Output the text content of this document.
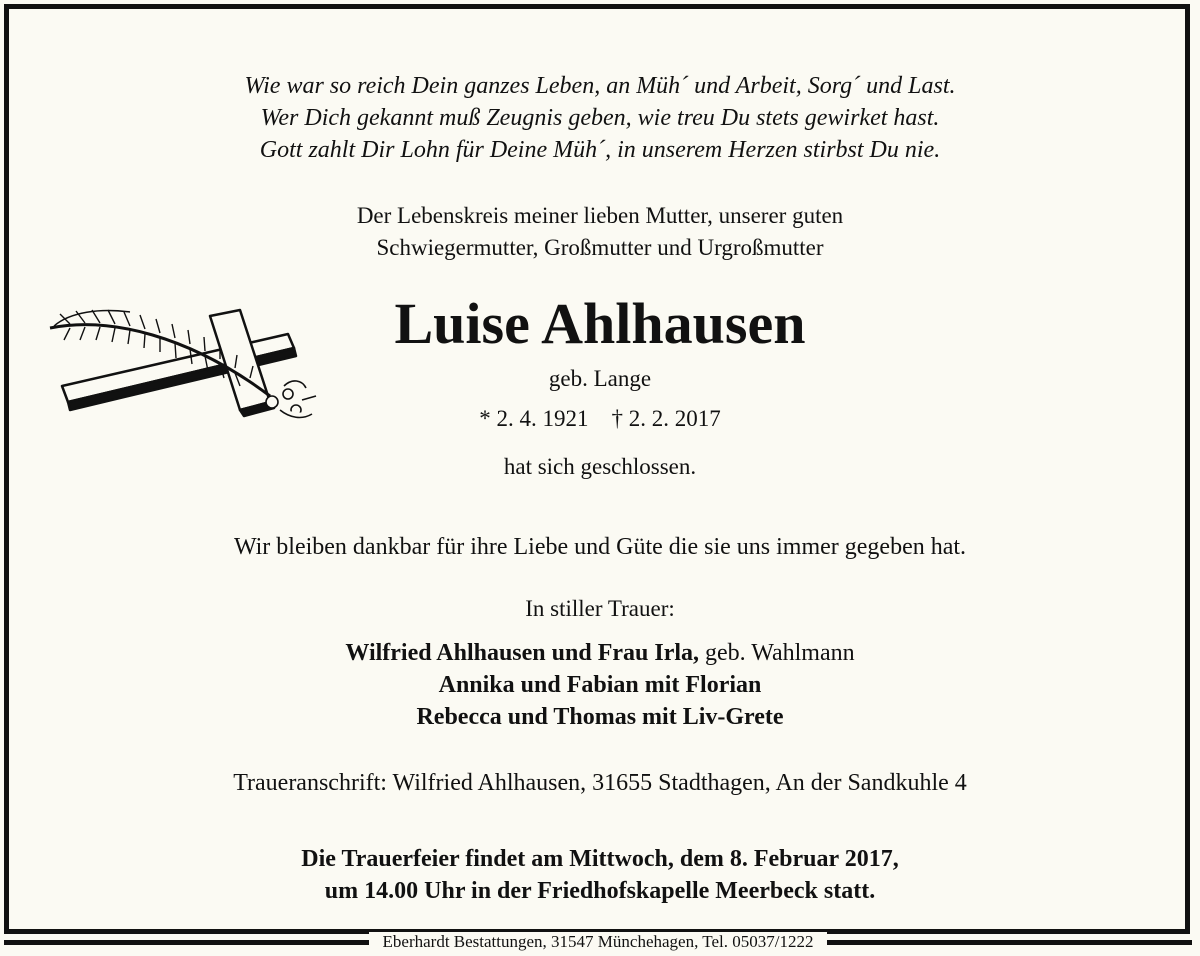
Wie war so reich Dein ganzes Leben, an Müh´ und Arbeit, Sorg´ und Last.
Wer Dich gekannt muß Zeugnis geben, wie treu Du stets gewirket hast.
Gott zahlt Dir Lohn für Deine Müh´, in unserem Herzen stirbst Du nie.
Der Lebenskreis meiner lieben Mutter, unserer guten
Schwiegermutter, Großmutter und Urgroßmutter
Luise Ahlhausen
geb. Lange
* 2. 4. 1921    † 2. 2. 2017
hat sich geschlossen.
Wir bleiben dankbar für ihre Liebe und Güte die sie uns immer gegeben hat.
In stiller Trauer:
Wilfried Ahlhausen und Frau Irla, geb. Wahlmann
Annika und Fabian mit Florian
Rebecca und Thomas mit Liv-Grete
Traueranschrift: Wilfried Ahlhausen, 31655 Stadthagen, An der Sandkuhle 4
Die Trauerfeier findet am Mittwoch, dem 8. Februar 2017,
um 14.00 Uhr in der Friedhofskapelle Meerbeck statt.
Eberhardt Bestattungen, 31547 Münchehagen, Tel. 05037/1222
